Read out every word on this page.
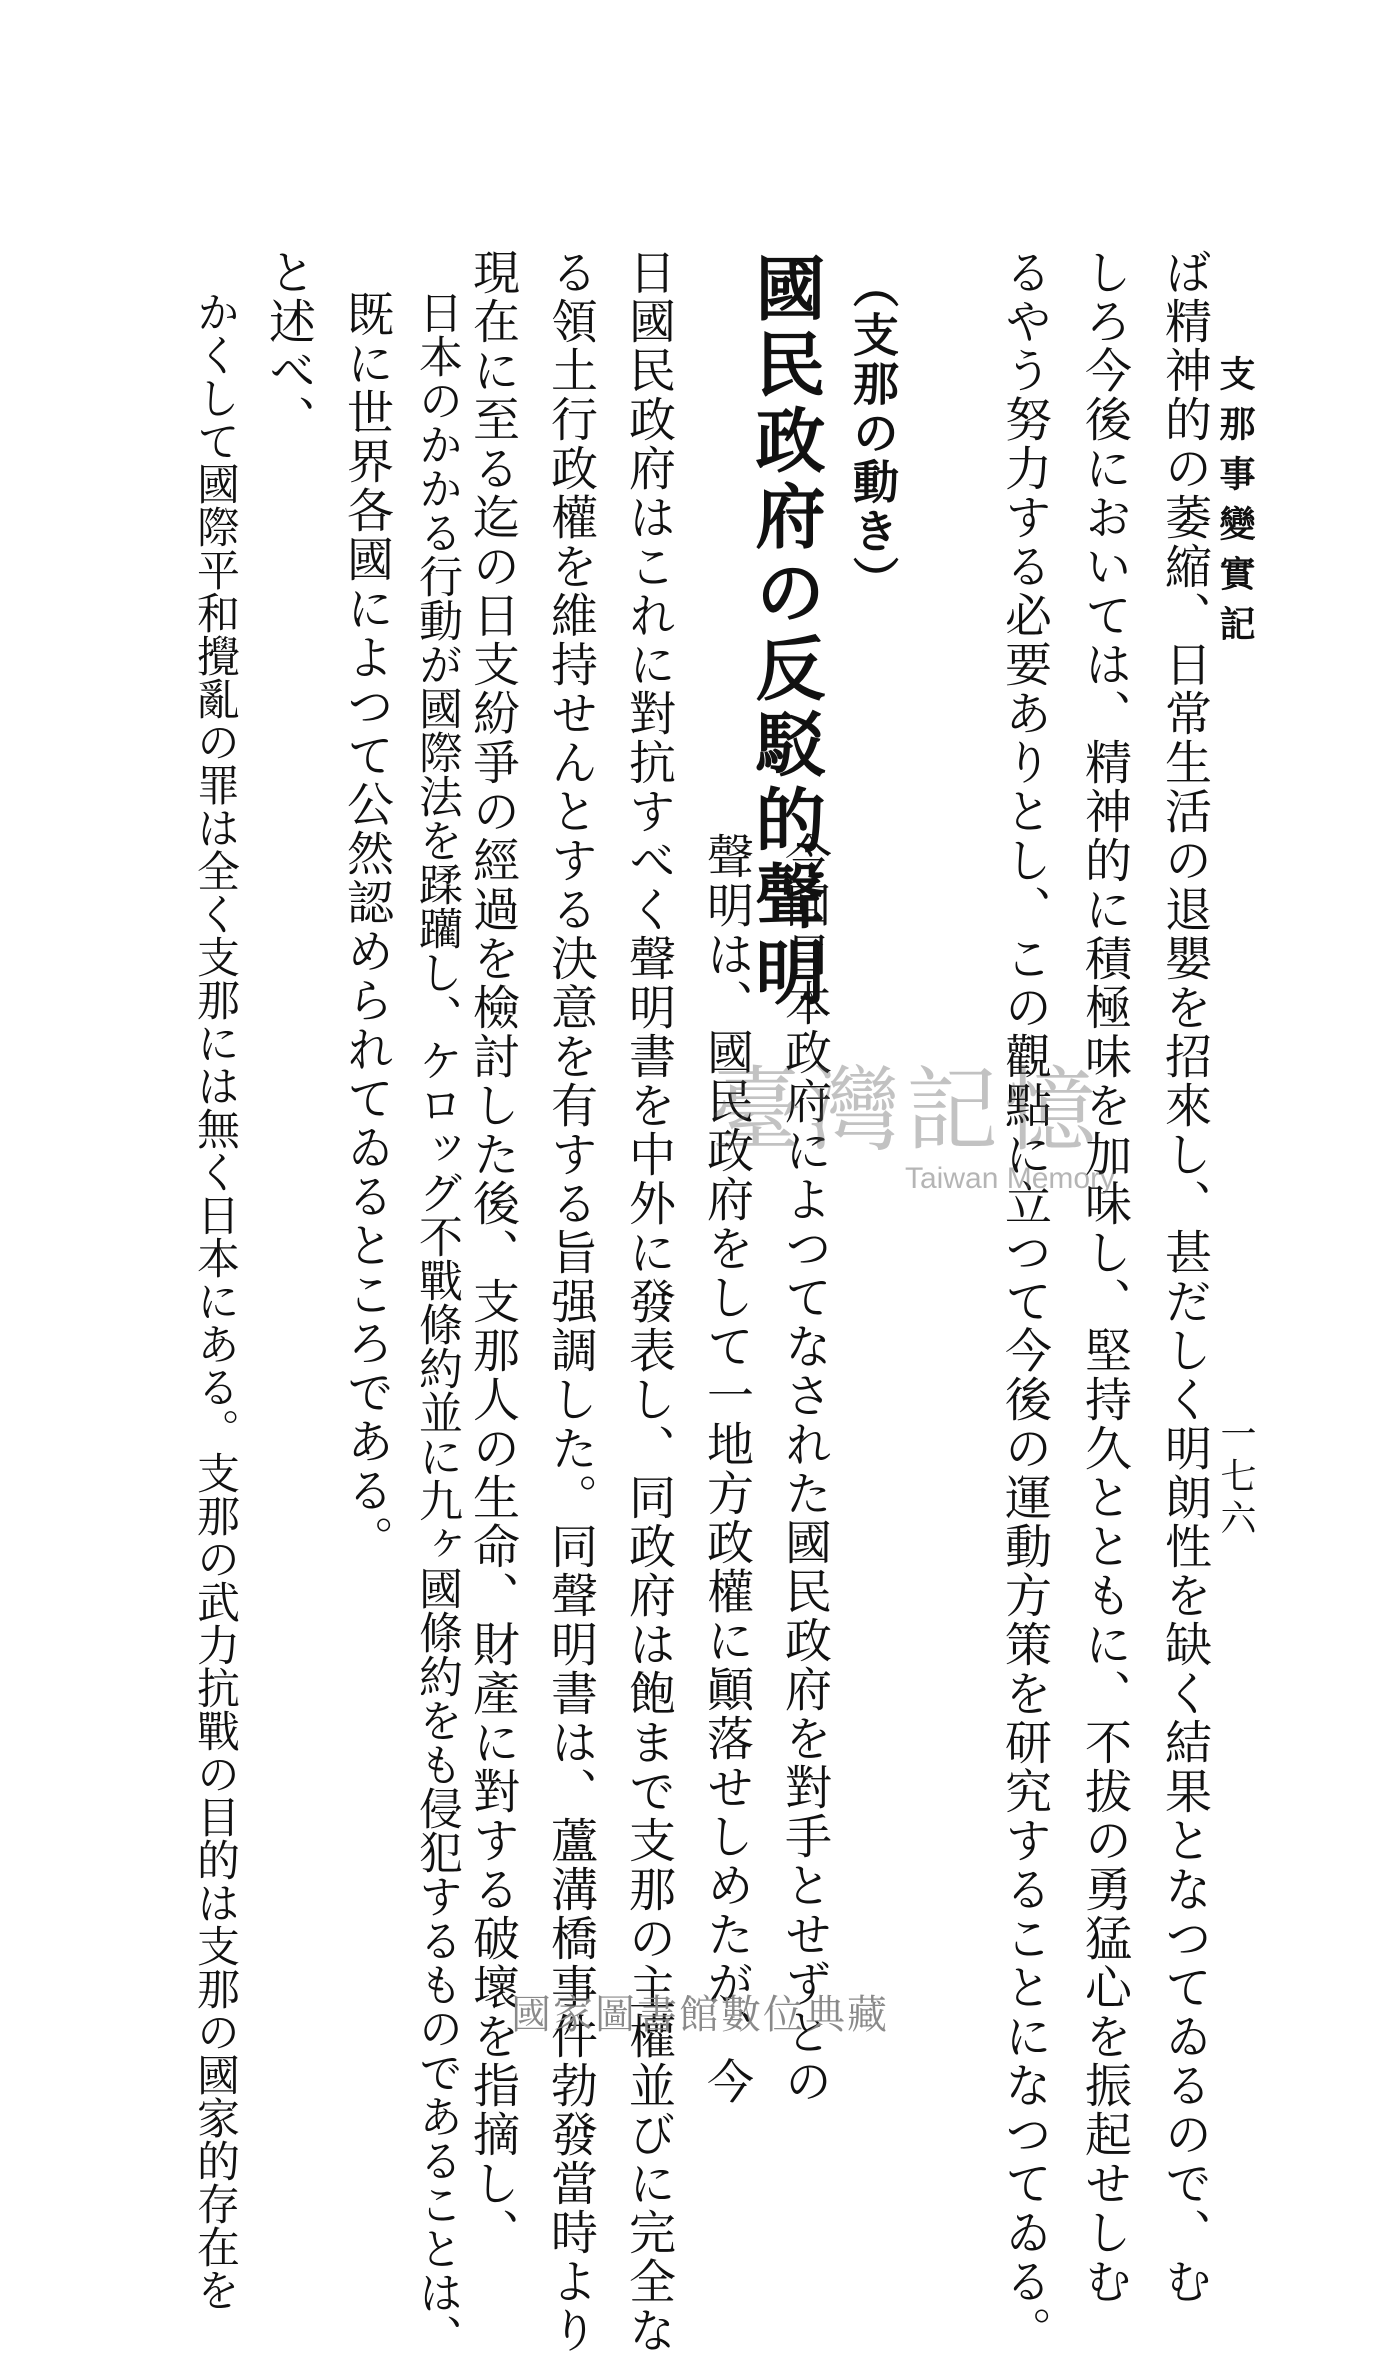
支那事變實記
一七六
ば精神的の萎縮、日常生活の退嬰を招來し、甚だしく明朗性を缺く結果となつてゐるので、む
しろ今後においては、精神的に積極味を加味し、堅持久とともに、不拔の勇猛心を振起せしむ
るやう努力する必要ありとし、この觀點に立つて今後の運動方策を研究することになつてゐる。
（支那の動き）
國民政府の反駁的聲明
今回日本政府によつてなされた國民政府を對手とせずとの
聲明は、國民政府をして一地方政權に顚落せしめたが、今
日國民政府はこれに對抗すべく聲明書を中外に發表し、同政府は飽まで支那の主權並びに完全な
る領土行政權を維持せんとする決意を有する旨强調した。同聲明書は、蘆溝橋事件勃發當時より
現在に至る迄の日支紛爭の經過を檢討した後、支那人の生命、財產に對する破壞を指摘し、
日本のかかる行動が國際法を蹂躪し、ケロッグ不戰條約並に九ヶ國條約をも侵犯するものであることは、
既に世界各國によつて公然認められてゐるところである。
と述べ、
かくして國際平和攪亂の罪は全く支那には無く日本にある。支那の武力抗戰の目的は支那の國家的存在を	臺灣記憶
Taiwan Memory
國家圖書館數位典藏
